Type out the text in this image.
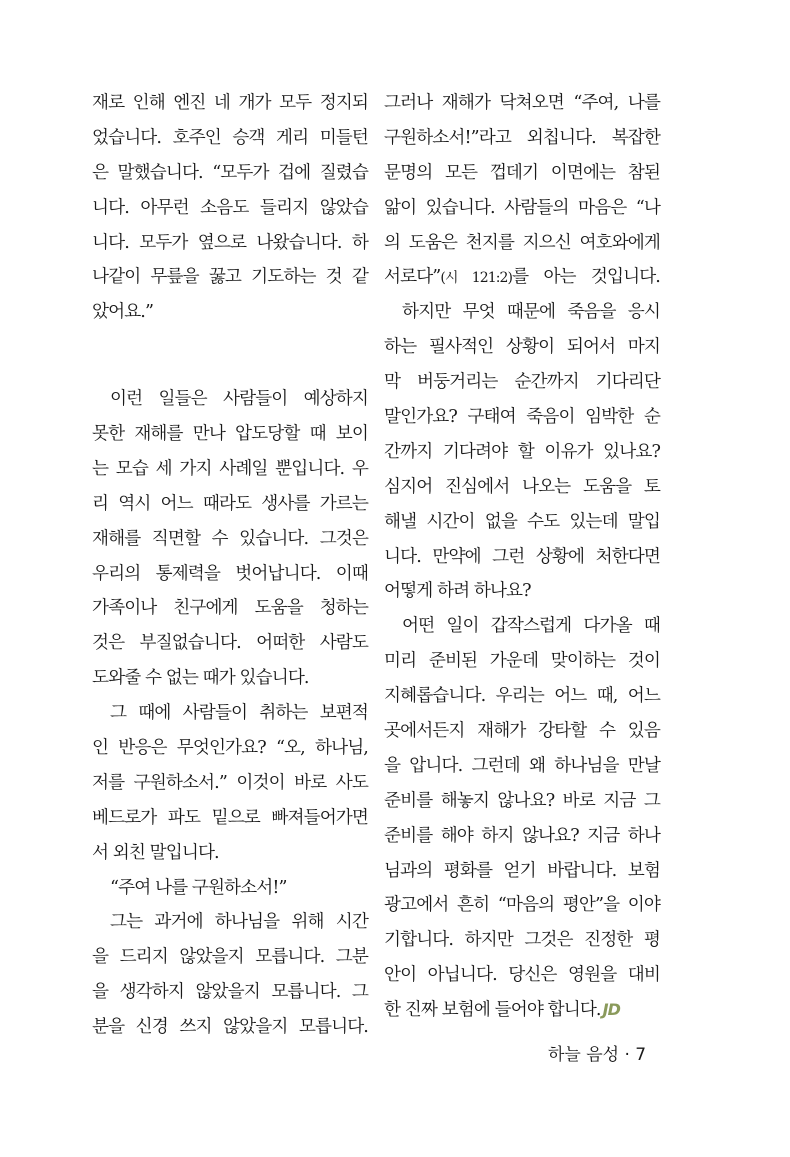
재로 인해 엔진 네 개가 모두 정지되
었습니다. 호주인 승객 게리 미들턴
은 말했습니다. “모두가 겁에 질렸습
니다. 아무런 소음도 들리지 않았습
니다. 모두가 옆으로 나왔습니다. 하
나같이 무릎을 꿇고 기도하는 것 같
았어요.”
이런 일들은 사람들이 예상하지
못한 재해를 만나 압도당할 때 보이
는 모습 세 가지 사례일 뿐입니다. 우
리 역시 어느 때라도 생사를 가르는
재해를 직면할 수 있습니다. 그것은
우리의 통제력을 벗어납니다. 이때
가족이나 친구에게 도움을 청하는
것은 부질없습니다. 어떠한 사람도
도와줄 수 없는 때가 있습니다.
그 때에 사람들이 취하는 보편적
인 반응은 무엇인가요? “오, 하나님,
저를 구원하소서.” 이것이 바로 사도
베드로가 파도 밑으로 빠져들어가면
서 외친 말입니다.
“주여 나를 구원하소서!”
그는 과거에 하나님을 위해 시간
을 드리지 않았을지 모릅니다. 그분
을 생각하지 않았을지 모릅니다. 그
분을 신경 쓰지 않았을지 모릅니다.
그러나 재해가 닥쳐오면 “주여, 나를
구원하소서!”라고 외칩니다. 복잡한
문명의 모든 껍데기 이면에는 참된
앎이 있습니다. 사람들의 마음은 “나
의 도움은 천지를 지으신 여호와에게
서로다”(시 121:2)를 아는 것입니다.
하지만 무엇 때문에 죽음을 응시
하는 필사적인 상황이 되어서 마지
막 버둥거리는 순간까지 기다리단
말인가요? 구태여 죽음이 임박한 순
간까지 기다려야 할 이유가 있나요?
심지어 진심에서 나오는 도움을 토
해낼 시간이 없을 수도 있는데 말입
니다. 만약에 그런 상황에 처한다면
어떻게 하려 하나요?
어떤 일이 갑작스럽게 다가올 때
미리 준비된 가운데 맞이하는 것이
지혜롭습니다. 우리는 어느 때, 어느
곳에서든지 재해가 강타할 수 있음
을 압니다. 그런데 왜 하나님을 만날
준비를 해놓지 않나요? 바로 지금 그
준비를 해야 하지 않나요? 지금 하나
님과의 평화를 얻기 바랍니다. 보험
광고에서 흔히 “마음의 평안”을 이야
기합니다. 하지만 그것은 진정한 평
안이 아닙니다. 당신은 영원을 대비
한 진짜 보험에 들어야 합니다. JD
하늘 음성 · 7
